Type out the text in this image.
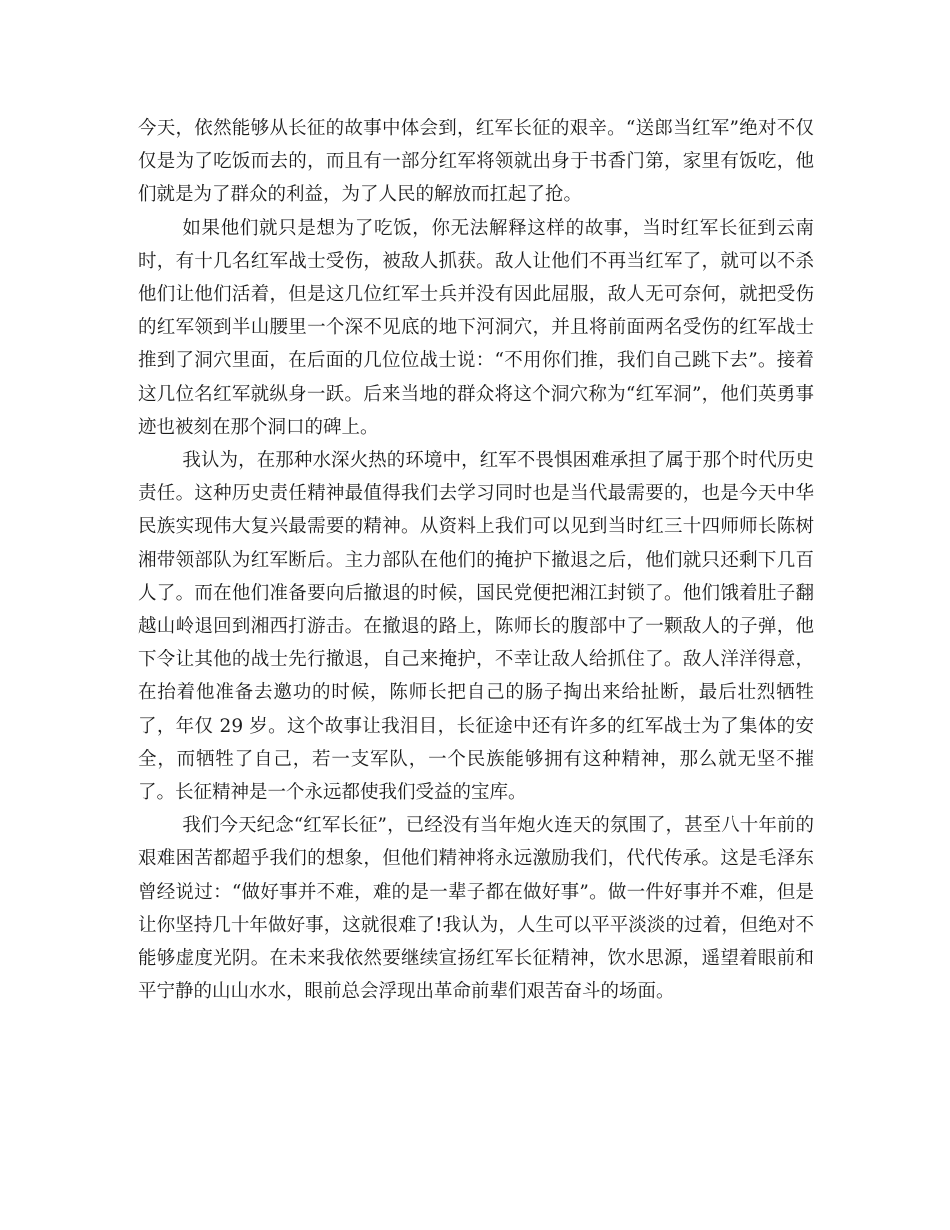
今天，依然能够从长征的故事中体会到，红军长征的艰辛。“送郎当红军”绝对不仅仅是为了吃饭而去的，而且有一部分红军将领就出身于书香门第，家里有饭吃，他们就是为了群众的利益，为了人民的解放而扛起了抢。

如果他们就只是想为了吃饭，你无法解释这样的故事，当时红军长征到云南时，有十几名红军战士受伤，被敌人抓获。敌人让他们不再当红军了，就可以不杀他们让他们活着，但是这几位红军士兵并没有因此屈服，敌人无可奈何，就把受伤的红军领到半山腰里一个深不见底的地下河洞穴，并且将前面两名受伤的红军战士推到了洞穴里面，在后面的几位位战士说：“不用你们推，我们自己跳下去”。接着这几位名红军就纵身一跃。后来当地的群众将这个洞穴称为“红军洞”，他们英勇事迹也被刻在那个洞口的碑上。

我认为，在那种水深火热的环境中，红军不畏惧困难承担了属于那个时代历史责任。这种历史责任精神最值得我们去学习同时也是当代最需要的，也是今天中华民族实现伟大复兴最需要的精神。从资料上我们可以见到当时红三十四师师长陈树湘带领部队为红军断后。主力部队在他们的掩护下撤退之后，他们就只还剩下几百人了。而在他们准备要向后撤退的时候，国民党便把湘江封锁了。他们饿着肚子翻越山岭退回到湘西打游击。在撤退的路上，陈师长的腹部中了一颗敌人的子弹，他下令让其他的战士先行撤退，自己来掩护，不幸让敌人给抓住了。敌人洋洋得意，在抬着他准备去邀功的时候，陈师长把自己的肠子掏出来给扯断，最后壮烈牺牲了，年仅 29 岁。这个故事让我泪目，长征途中还有许多的红军战士为了集体的安全，而牺牲了自己，若一支军队，一个民族能够拥有这种精神，那么就无坚不摧了。长征精神是一个永远都使我们受益的宝库。

我们今天纪念“红军长征”，已经没有当年炮火连天的氛围了，甚至八十年前的艰难困苦都超乎我们的想象，但他们精神将永远激励我们，代代传承。这是毛泽东曾经说过：“做好事并不难，难的是一辈子都在做好事”。做一件好事并不难，但是让你坚持几十年做好事，这就很难了!我认为，人生可以平平淡淡的过着，但绝对不能够虚度光阴。在未来我依然要继续宣扬红军长征精神，饮水思源，遥望着眼前和平宁静的山山水水，眼前总会浮现出革命前辈们艰苦奋斗的场面。
